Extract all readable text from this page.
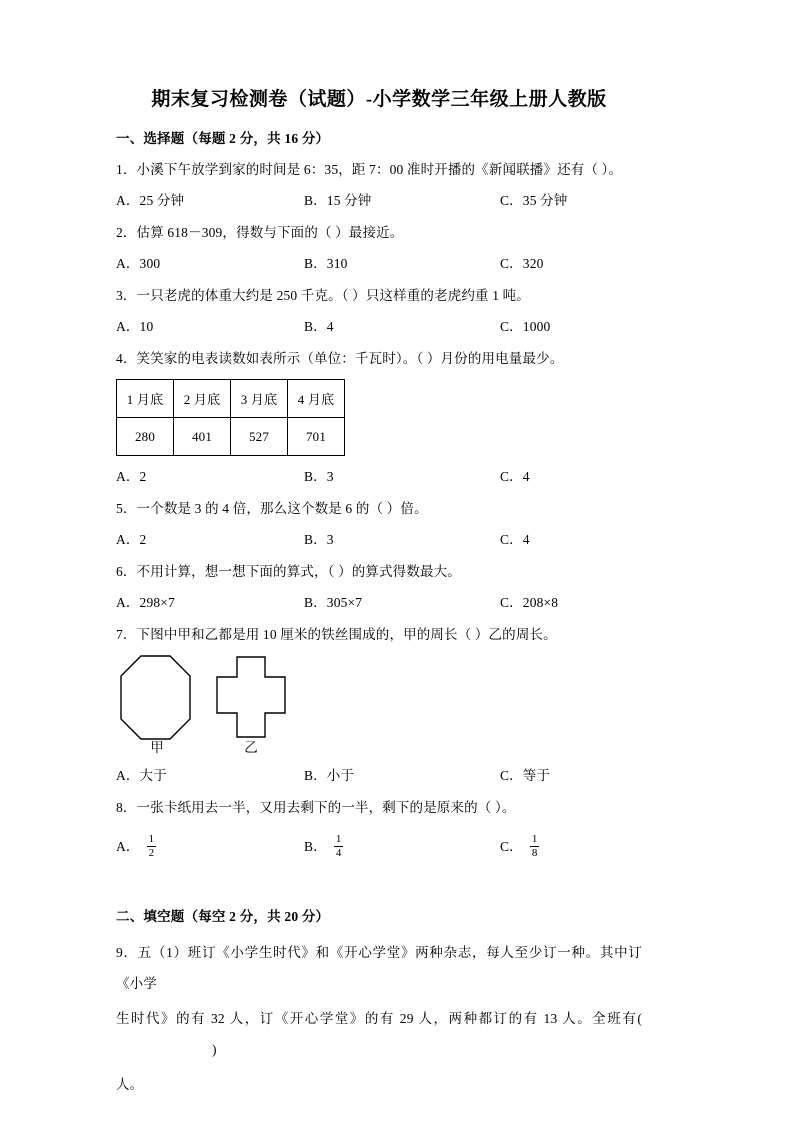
期末复习检测卷（试题）-小学数学三年级上册人教版
一、选择题（每题 2 分，共 16 分）
1．小溪下午放学到家的时间是 6：35，距 7：00 准时开播的《新闻联播》还有（ ）。
A．25 分钟	B．15 分钟	C．35 分钟
2．估算 618－309，得数与下面的（ ）最接近。
A．300	B．310	C．320
3．一只老虎的体重大约是 250 千克。（ ）只这样重的老虎约重 1 吨。
A．10	B．4	C．1000
4．笑笑家的电表读数如表所示（单位：千瓦时）。（ ）月份的用电量最少。
1 月底	2 月底	3 月底	4 月底
280	401	527	701
A．2	B．3	C．4
5．一个数是 3 的 4 倍，那么这个数是 6 的（ ）倍。
A．2	B．3	C．4
6．不用计算，想一想下面的算式，（ ）的算式得数最大。
A．298×7	B．305×7	C．208×8
7．下图中甲和乙都是用 10 厘米的铁丝围成的，甲的周长（ ）乙的周长。
甲	乙
A．大于	B．小于	C．等于
8．一张卡纸用去一半，又用去剩下的一半，剩下的是原来的（ ）。
A． $\frac{1}{2}$	B． $\frac{1}{4}$	C． $\frac{1}{8}$
二、填空题（每空 2 分，共 20 分）
9．五（1）班订《小学生时代》和《开心学堂》两种杂志，每人至少订一种。其中订《小学
生时代》的有 32 人，订《开心学堂》的有 29 人，两种都订的有 13 人。全班有()
人。
